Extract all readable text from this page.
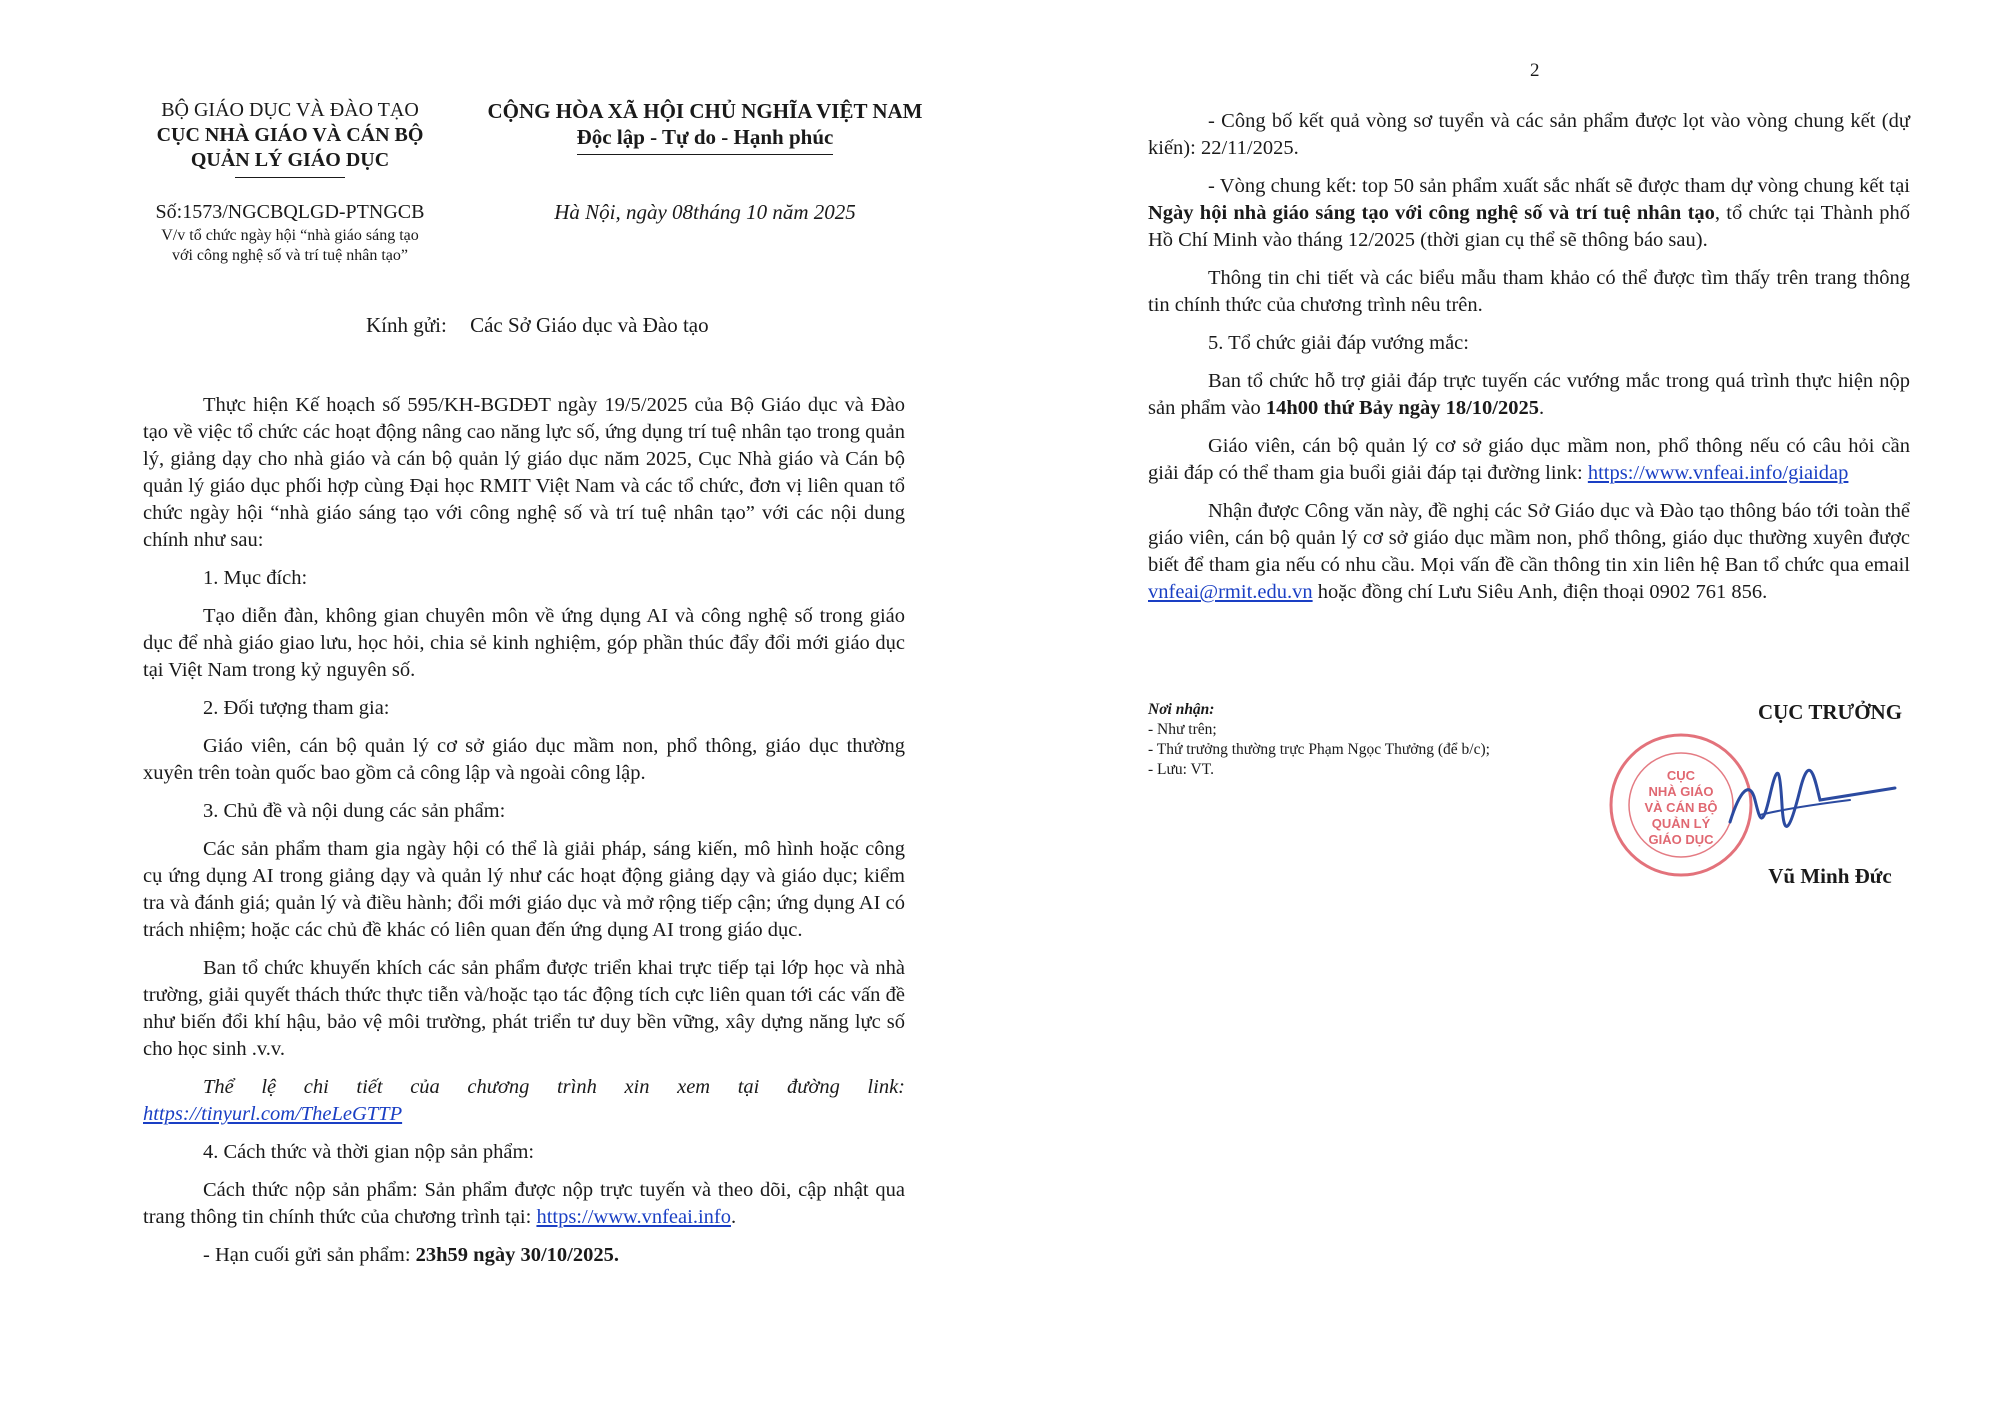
BỘ GIÁO DỤC VÀ ĐÀO TẠO
CỤC NHÀ GIÁO VÀ CÁN BỘ
QUẢN LÝ GIÁO DỤC
CỘNG HÒA XÃ HỘI CHỦ NGHĨA VIỆT NAM
Độc lập - Tự do - Hạnh phúc
Số:1573/NGCBQLGD-PTNGCB
V/v tổ chức ngày hội “nhà giáo sáng tạo
với công nghệ số và trí tuệ nhân tạo”
Hà Nội, ngày 08tháng 10 năm 2025
Kính gửi: Các Sở Giáo dục và Đào tạo

Thực hiện Kế hoạch số 595/KH-BGDĐT ngày 19/5/2025 của Bộ Giáo dục và Đào tạo về việc tổ chức các hoạt động nâng cao năng lực số, ứng dụng trí tuệ nhân tạo trong quản lý, giảng dạy cho nhà giáo và cán bộ quản lý giáo dục năm 2025, Cục Nhà giáo và Cán bộ quản lý giáo dục phối hợp cùng Đại học RMIT Việt Nam và các tổ chức, đơn vị liên quan tổ chức ngày hội “nhà giáo sáng tạo với công nghệ số và trí tuệ nhân tạo” với các nội dung chính như sau:

1. Mục đích:

Tạo diễn đàn, không gian chuyên môn về ứng dụng AI và công nghệ số trong giáo dục để nhà giáo giao lưu, học hỏi, chia sẻ kinh nghiệm, góp phần thúc đẩy đổi mới giáo dục tại Việt Nam trong kỷ nguyên số.

2. Đối tượng tham gia:

Giáo viên, cán bộ quản lý cơ sở giáo dục mầm non, phổ thông, giáo dục thường xuyên trên toàn quốc bao gồm cả công lập và ngoài công lập.

3. Chủ đề và nội dung các sản phẩm:

Các sản phẩm tham gia ngày hội có thể là giải pháp, sáng kiến, mô hình hoặc công cụ ứng dụng AI trong giảng dạy và quản lý như các hoạt động giảng dạy và giáo dục; kiểm tra và đánh giá; quản lý và điều hành; đổi mới giáo dục và mở rộng tiếp cận; ứng dụng AI có trách nhiệm; hoặc các chủ đề khác có liên quan đến ứng dụng AI trong giáo dục.

Ban tổ chức khuyến khích các sản phẩm được triển khai trực tiếp tại lớp học và nhà trường, giải quyết thách thức thực tiễn và/hoặc tạo tác động tích cực liên quan tới các vấn đề như biến đổi khí hậu, bảo vệ môi trường, phát triển tư duy bền vững, xây dựng năng lực số cho học sinh .v.v.

Thể lệ chi tiết của chương trình xin xem tại đường link: https://tinyurl.com/TheLeGTTP

4. Cách thức và thời gian nộp sản phẩm:

Cách thức nộp sản phẩm: Sản phẩm được nộp trực tuyến và theo dõi, cập nhật qua trang thông tin chính thức của chương trình tại: https://www.vnfeai.info.

- Hạn cuối gửi sản phẩm: 23h59 ngày 30/10/2025.

2

- Công bố kết quả vòng sơ tuyển và các sản phẩm được lọt vào vòng chung kết (dự kiến): 22/11/2025.

- Vòng chung kết: top 50 sản phẩm xuất sắc nhất sẽ được tham dự vòng chung kết tại Ngày hội nhà giáo sáng tạo với công nghệ số và trí tuệ nhân tạo, tổ chức tại Thành phố Hồ Chí Minh vào tháng 12/2025 (thời gian cụ thể sẽ thông báo sau).

Thông tin chi tiết và các biểu mẫu tham khảo có thể được tìm thấy trên trang thông tin chính thức của chương trình nêu trên.

5. Tổ chức giải đáp vướng mắc:

Ban tổ chức hỗ trợ giải đáp trực tuyến các vướng mắc trong quá trình thực hiện nộp sản phẩm vào 14h00 thứ Bảy ngày 18/10/2025.

Giáo viên, cán bộ quản lý cơ sở giáo dục mầm non, phổ thông nếu có câu hỏi cần giải đáp có thể tham gia buổi giải đáp tại đường link: https://www.vnfeai.info/giaidap

Nhận được Công văn này, đề nghị các Sở Giáo dục và Đào tạo thông báo tới toàn thể giáo viên, cán bộ quản lý cơ sở giáo dục mầm non, phổ thông, giáo dục thường xuyên được biết để tham gia nếu có nhu cầu. Mọi vấn đề cần thông tin xin liên hệ Ban tổ chức qua email vnfeai@rmit.edu.vn hoặc đồng chí Lưu Siêu Anh, điện thoại 0902 761 856.

Nơi nhận:
- Như trên;
- Thứ trưởng thường trực Phạm Ngọc Thưởng (để b/c);
- Lưu: VT.
CỤC TRƯỞNG
CỤC
NHÀ GIÁO
VÀ CÁN BỘ
QUẢN LÝ
GIÁO DỤC
Vũ Minh Đức
